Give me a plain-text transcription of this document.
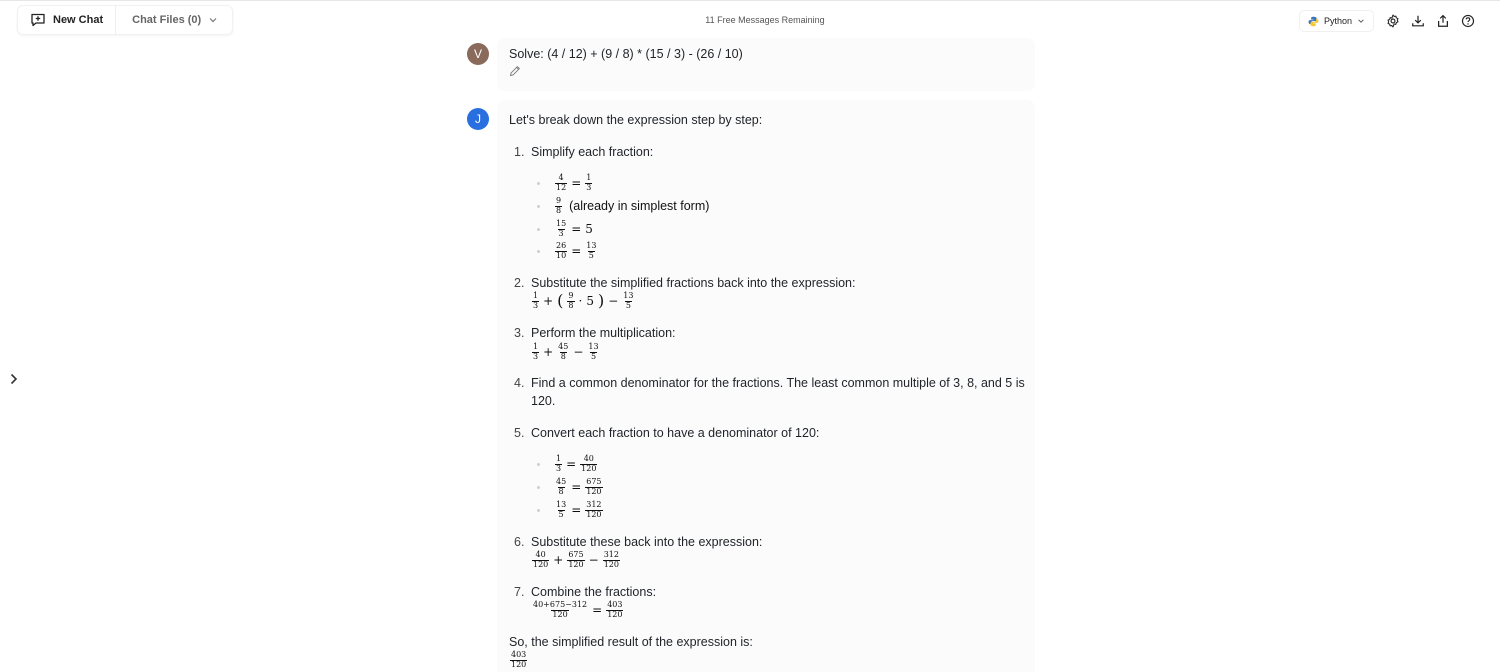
New Chat	Chat Files (0)	11 Free Messages Remaining	Python
V	Solve: (4 / 12) + (9 / 8) * (15 / 3) - (26 / 10)
J	Let's break down the expression step by step:
1. Simplify each fraction:
$\frac{4}{12} = \frac{1}{3}$
$\frac{9}{8}$ (already in simplest form)
$\frac{15}{3} = 5$
$\frac{26}{10} = \frac{13}{5}$
2. Substitute the simplified fractions back into the expression:
$\frac{1}{3}$ + ( $\frac{9}{8} \cdot 5$ ) − $\frac{13}{5}$
3. Perform the multiplication:
$\frac{1}{3} + \frac{45}{8} - \frac{13}{5}$
4. Find a common denominator for the fractions. The least common multiple of 3, 8, and 5 is
120.
5. Convert each fraction to have a denominator of 120:
$\frac{1}{3} = \frac{40}{120}$
$\frac{45}{8} = \frac{675}{120}$
$\frac{13}{5} = \frac{312}{120}$
6. Substitute these back into the expression:
$\frac{40}{120} + \frac{675}{120} - \frac{312}{120}$
7. Combine the fractions:
$\frac{40+675-312}{120} = \frac{403}{120}$
So, the simplified result of the expression is:
$\frac{403}{120}$
